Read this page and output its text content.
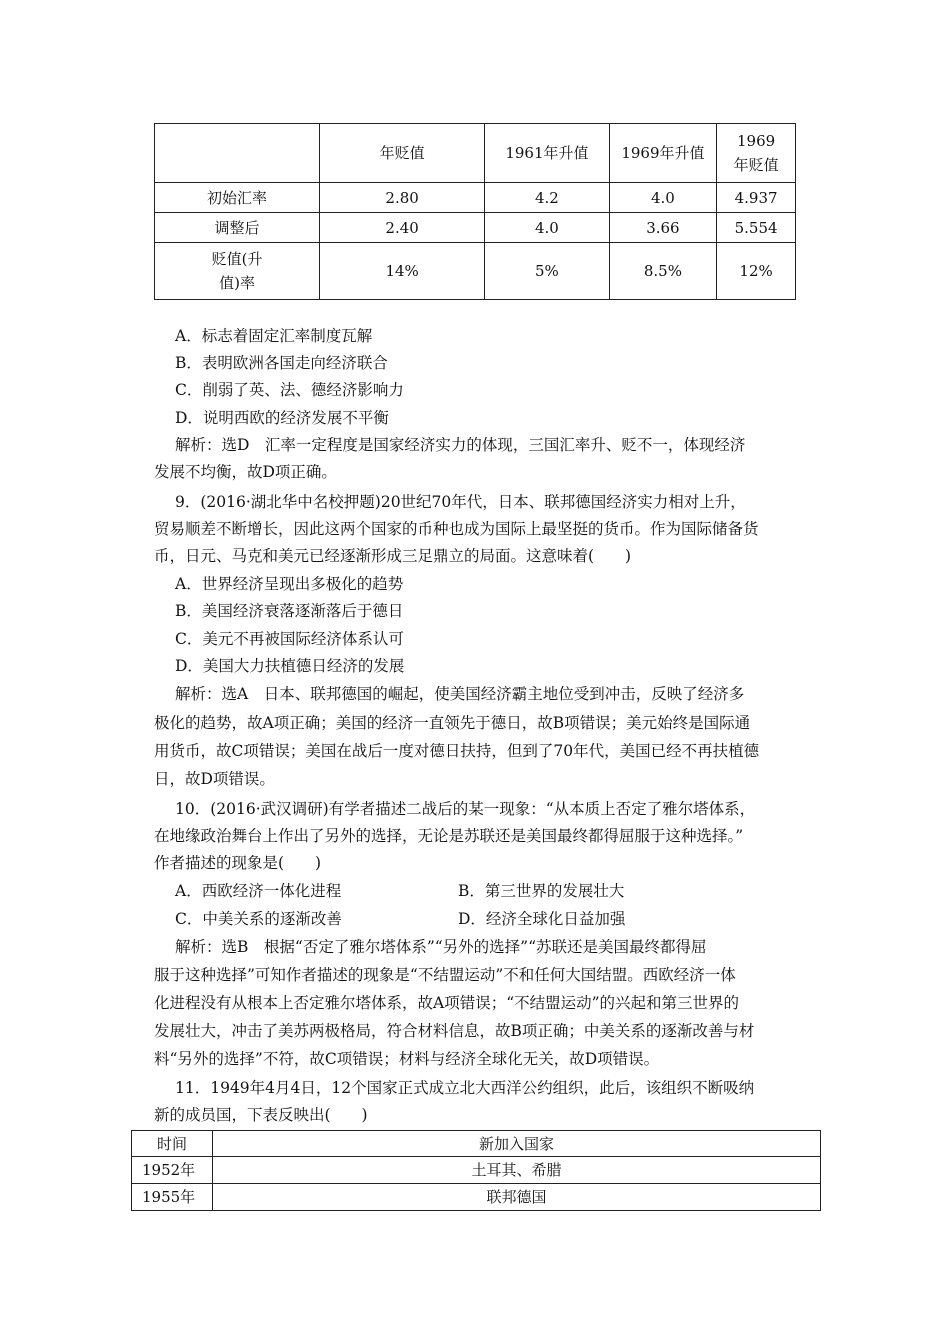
	年贬值	1961年升值	1969年升值	1969
年贬值
初始汇率	2.80	4.2	4.0	4.937
调整后	2.40	4.0	3.66	5.554
贬值(升
值)率	14%	5%	8.5%	12%
A．标志着固定汇率制度瓦解
B．表明欧洲各国走向经济联合
C．削弱了英、法、德经济影响力
D．说明西欧的经济发展不平衡
解析：选D　汇率一定程度是国家经济实力的体现，三国汇率升、贬不一，体现经济
发展不均衡，故D项正确。
9．(2016·湖北华中名校押题)20世纪70年代，日本、联邦德国经济实力相对上升，
贸易顺差不断增长，因此这两个国家的币种也成为国际上最坚挺的货币。作为国际储备货
币，日元、马克和美元已经逐渐形成三足鼎立的局面。这意味着(　　)
A．世界经济呈现出多极化的趋势
B．美国经济衰落逐渐落后于德日
C．美元不再被国际经济体系认可
D．美国大力扶植德日经济的发展
解析：选A　日本、联邦德国的崛起，使美国经济霸主地位受到冲击，反映了经济多
极化的趋势，故A项正确；美国的经济一直领先于德日，故B项错误；美元始终是国际通
用货币，故C项错误；美国在战后一度对德日扶持，但到了70年代，美国已经不再扶植德
日，故D项错误。
10．(2016·武汉调研)有学者描述二战后的某一现象：“从本质上否定了雅尔塔体系，
在地缘政治舞台上作出了另外的选择，无论是苏联还是美国最终都得屈服于这种选择。”
作者描述的现象是(　　)
A．西欧经济一体化进程	B．第三世界的发展壮大
C．中美关系的逐渐改善	D．经济全球化日益加强
解析：选B　根据“否定了雅尔塔体系”“另外的选择”“苏联还是美国最终都得屈
服于这种选择”可知作者描述的现象是“不结盟运动”不和任何大国结盟。西欧经济一体
化进程没有从根本上否定雅尔塔体系，故A项错误；“不结盟运动”的兴起和第三世界的
发展壮大，冲击了美苏两极格局，符合材料信息，故B项正确；中美关系的逐渐改善与材
料“另外的选择”不符，故C项错误；材料与经济全球化无关，故D项错误。
11．1949年4月4日，12个国家正式成立北大西洋公约组织，此后，该组织不断吸纳
新的成员国，下表反映出(　　)
时间	新加入国家
1952年	土耳其、希腊
1955年	联邦德国
